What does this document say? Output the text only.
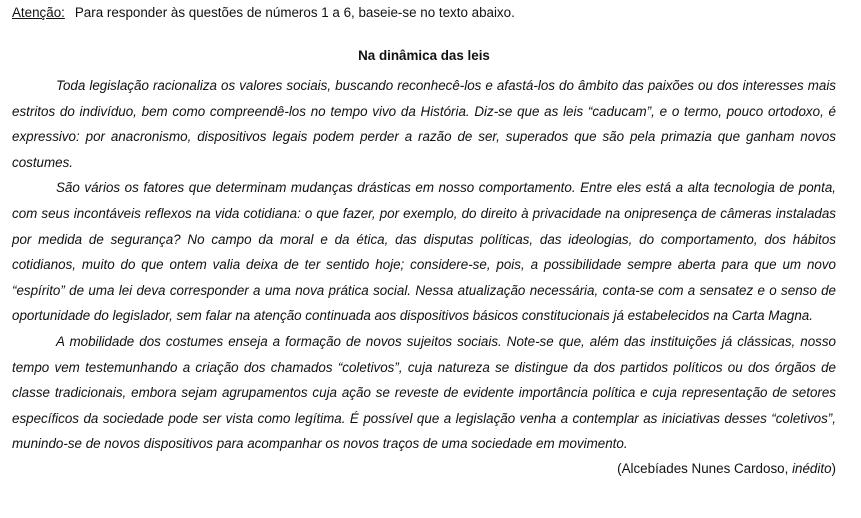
Atenção: Para responder às questões de números 1 a 6, baseie-se no texto abaixo.

Na dinâmica das leis

Toda legislação racionaliza os valores sociais, buscando reconhecê-los e afastá-los do âmbito das paixões ou dos interesses mais estritos do indivíduo, bem como compreendê-los no tempo vivo da História. Diz-se que as leis “caducam”, e o termo, pouco ortodoxo, é expressivo: por anacronismo, dispositivos legais podem perder a razão de ser, superados que são pela primazia que ganham novos costumes.

São vários os fatores que determinam mudanças drásticas em nosso comportamento. Entre eles está a alta tecnologia de ponta, com seus incontáveis reflexos na vida cotidiana: o que fazer, por exemplo, do direito à privacidade na onipresença de câmeras instaladas por medida de segurança? No campo da moral e da ética, das disputas políticas, das ideologias, do comportamento, dos hábitos cotidianos, muito do que ontem valia deixa de ter sentido hoje; considere-se, pois, a possibilidade sempre aberta para que um novo “espírito” de uma lei deva corresponder a uma nova prática social. Nessa atualização necessária, conta-se com a sensatez e o senso de oportunidade do legislador, sem falar na atenção continuada aos dispositivos básicos constitucionais já estabelecidos na Carta Magna.

A mobilidade dos costumes enseja a formação de novos sujeitos sociais. Note-se que, além das instituições já clássicas, nosso tempo vem testemunhando a criação dos chamados “coletivos”, cuja natureza se distingue da dos partidos políticos ou dos órgãos de classe tradicionais, embora sejam agrupamentos cuja ação se reveste de evidente importância política e cuja representação de setores específicos da sociedade pode ser vista como legítima. É possível que a legislação venha a contemplar as iniciativas desses “coletivos”, munindo-se de novos dispositivos para acompanhar os novos traços de uma sociedade em movimento.

(Alcebíades Nunes Cardoso, inédito)
